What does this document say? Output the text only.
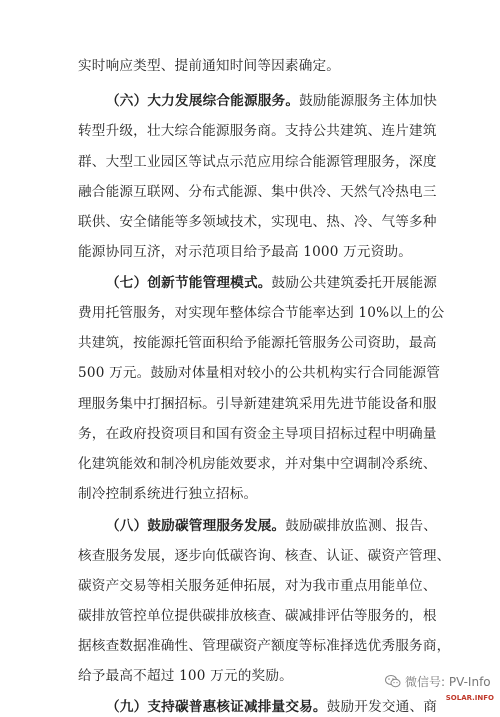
实时响应类型、提前通知时间等因素确定。
（六）大力发展综合能源服务。鼓励能源服务主体加快
转型升级，壮大综合能源服务商。支持公共建筑、连片建筑
群、大型工业园区等试点示范应用综合能源管理服务，深度
融合能源互联网、分布式能源、集中供冷、天然气冷热电三
联供、安全储能等多领域技术，实现电、热、冷、气等多种
能源协同互济，对示范项目给予最高 1000 万元资助。
（七）创新节能管理模式。鼓励公共建筑委托开展能源
费用托管服务，对实现年整体综合节能率达到 10%以上的公
共建筑，按能源托管面积给予能源托管服务公司资助，最高
500 万元。鼓励对体量相对较小的公共机构实行合同能源管
理服务集中打捆招标。引导新建建筑采用先进节能设备和服
务，在政府投资项目和国有资金主导项目招标过程中明确量
化建筑能效和制冷机房能效要求，并对集中空调制冷系统、
制冷控制系统进行独立招标。
（八）鼓励碳管理服务发展。鼓励碳排放监测、报告、
核查服务发展，逐步向低碳咨询、核查、认证、碳资产管理、
碳资产交易等相关服务延伸拓展，对为我市重点用能单位、
碳排放管控单位提供碳排放核查、碳减排评估等服务的，根
据核查数据准确性、管理碳资产额度等标准择选优秀服务商，
给予最高不超过 100 万元的奖励。
（九）支持碳普惠核证减排量交易。鼓励开发交通、商
微信号: PV-Info
SOLAR.INFO
